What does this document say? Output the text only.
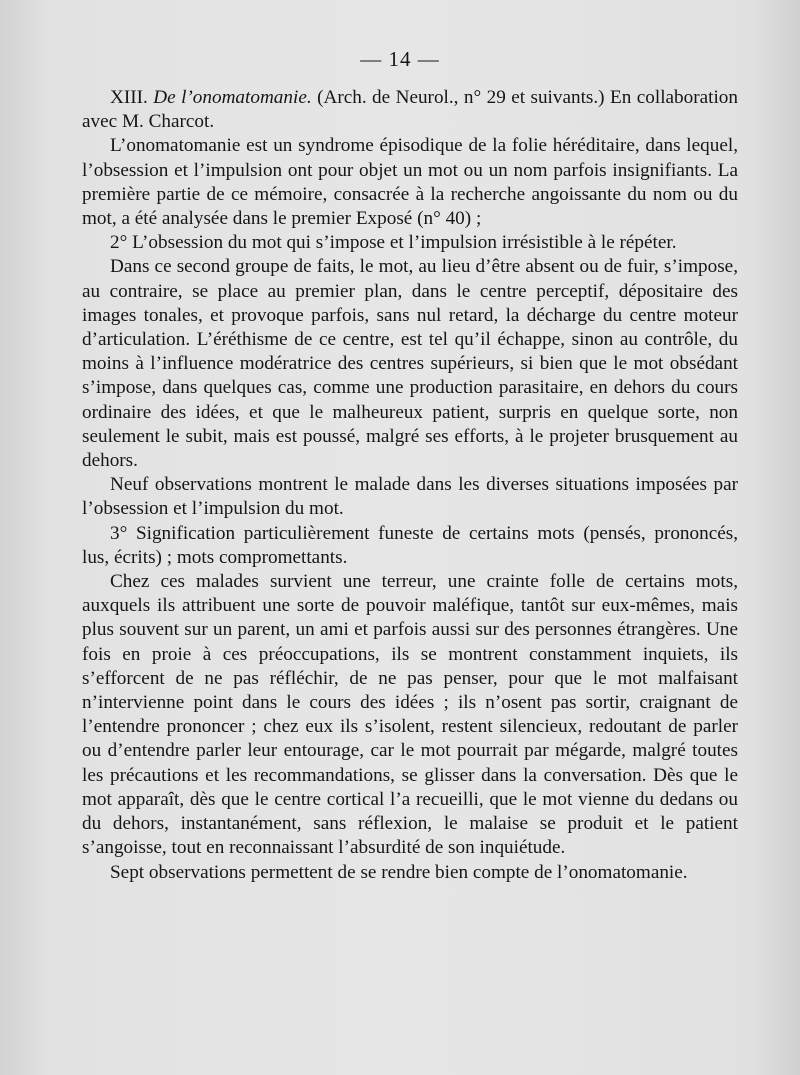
— 14 —

XIII. De l’onomatomanie. (Arch. de Neurol., n° 29 et suivants.) En collaboration avec M. Charcot.

L’onomatomanie est un syndrome épisodique de la folie héréditaire, dans lequel, l’obsession et l’impulsion ont pour objet un mot ou un nom parfois insignifiants. La première partie de ce mémoire, consacrée à la recherche angoissante du nom ou du mot, a été analysée dans le premier Exposé (n° 40) ;

2° L’obsession du mot qui s’impose et l’impulsion irrésistible à le répéter.

Dans ce second groupe de faits, le mot, au lieu d’être absent ou de fuir, s’impose, au contraire, se place au premier plan, dans le centre perceptif, dépositaire des images tonales, et provoque parfois, sans nul retard, la décharge du centre moteur d’articulation. L’éréthisme de ce centre, est tel qu’il échappe, sinon au contrôle, du moins à l’influence modératrice des centres supérieurs, si bien que le mot obsédant s’impose, dans quelques cas, comme une production parasitaire, en dehors du cours ordinaire des idées, et que le malheureux patient, surpris en quelque sorte, non seulement le subit, mais est poussé, malgré ses efforts, à le projeter brusquement au dehors.

Neuf observations montrent le malade dans les diverses situations imposées par l’obsession et l’impulsion du mot.

3° Signification particulièrement funeste de certains mots (pensés, prononcés, lus, écrits) ; mots compromettants.

Chez ces malades survient une terreur, une crainte folle de certains mots, auxquels ils attribuent une sorte de pouvoir maléfique, tantôt sur eux-mêmes, mais plus souvent sur un parent, un ami et parfois aussi sur des personnes étrangères. Une fois en proie à ces préoccupations, ils se montrent constamment inquiets, ils s’efforcent de ne pas réfléchir, de ne pas penser, pour que le mot malfaisant n’intervienne point dans le cours des idées ; ils n’osent pas sortir, craignant de l’entendre prononcer ; chez eux ils s’isolent, restent silencieux, redoutant de parler ou d’entendre parler leur entourage, car le mot pourrait par mégarde, malgré toutes les précautions et les recommandations, se glisser dans la conversation. Dès que le mot apparaît, dès que le centre cortical l’a recueilli, que le mot vienne du dedans ou du dehors, instantanément, sans réflexion, le malaise se produit et le patient s’angoisse, tout en reconnaissant l’absurdité de son inquiétude.

Sept observations permettent de se rendre bien compte de l’onomatomanie.
